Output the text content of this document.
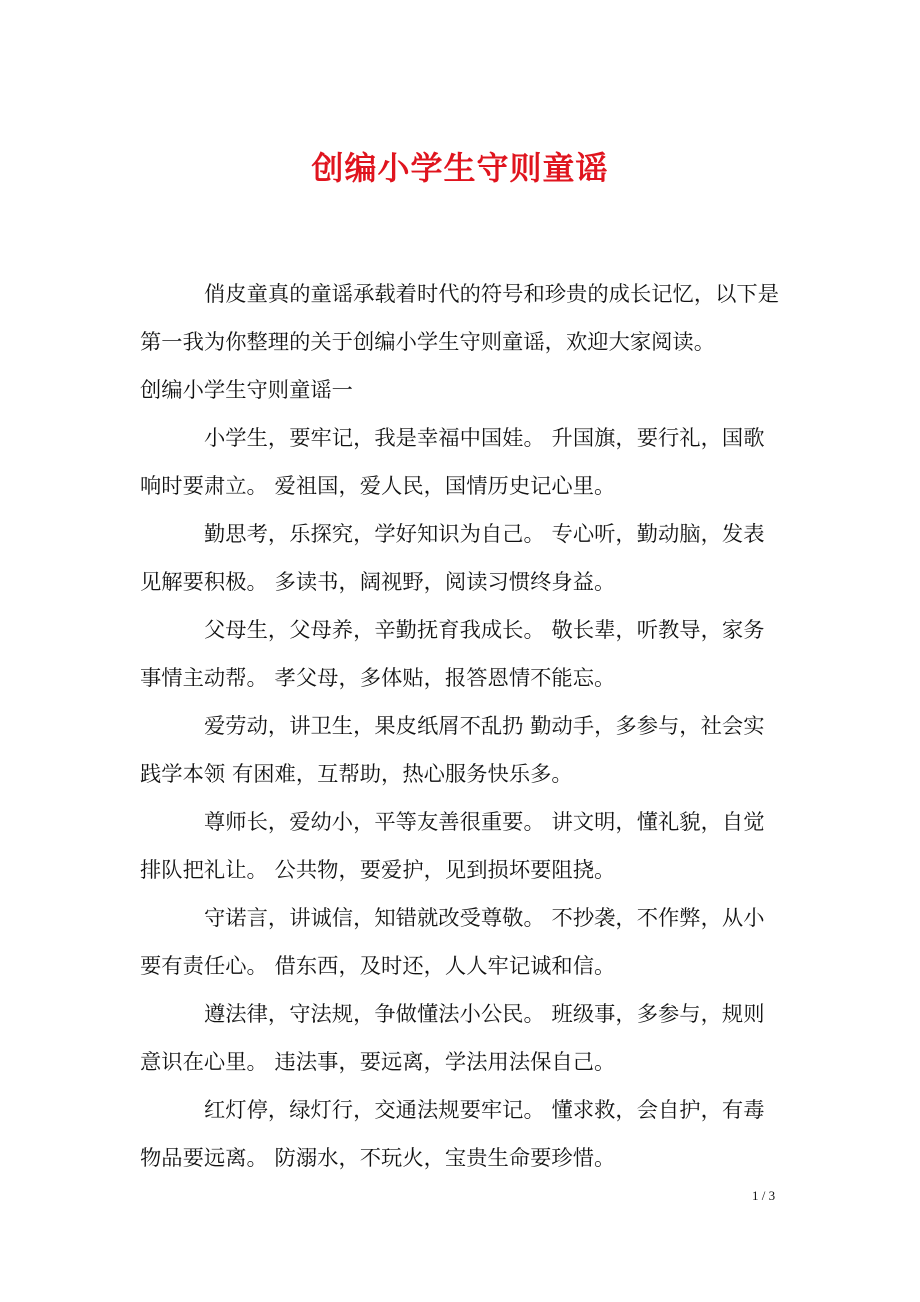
创编小学生守则童谣
俏皮童真的童谣承载着时代的符号和珍贵的成长记忆，以下是
第一我为你整理的关于创编小学生守则童谣，欢迎大家阅读。
创编小学生守则童谣一
小学生，要牢记，我是幸福中国娃。 升国旗，要行礼，国歌
响时要肃立。 爱祖国，爱人民，国情历史记心里。
勤思考，乐探究，学好知识为自己。 专心听，勤动脑，发表
见解要积极。 多读书，阔视野，阅读习惯终身益。
父母生，父母养，辛勤抚育我成长。 敬长辈，听教导，家务
事情主动帮。 孝父母，多体贴，报答恩情不能忘。
爱劳动，讲卫生，果皮纸屑不乱扔 勤动手，多参与，社会实
践学本领 有困难，互帮助，热心服务快乐多。
尊师长，爱幼小，平等友善很重要。 讲文明，懂礼貌，自觉
排队把礼让。 公共物，要爱护，见到损坏要阻挠。
守诺言，讲诚信，知错就改受尊敬。 不抄袭，不作弊，从小
要有责任心。 借东西，及时还，人人牢记诚和信。
遵法律，守法规，争做懂法小公民。 班级事，多参与，规则
意识在心里。 违法事，要远离，学法用法保自己。
红灯停，绿灯行，交通法规要牢记。 懂求救，会自护，有毒
物品要远离。 防溺水，不玩火，宝贵生命要珍惜。
1 / 3
